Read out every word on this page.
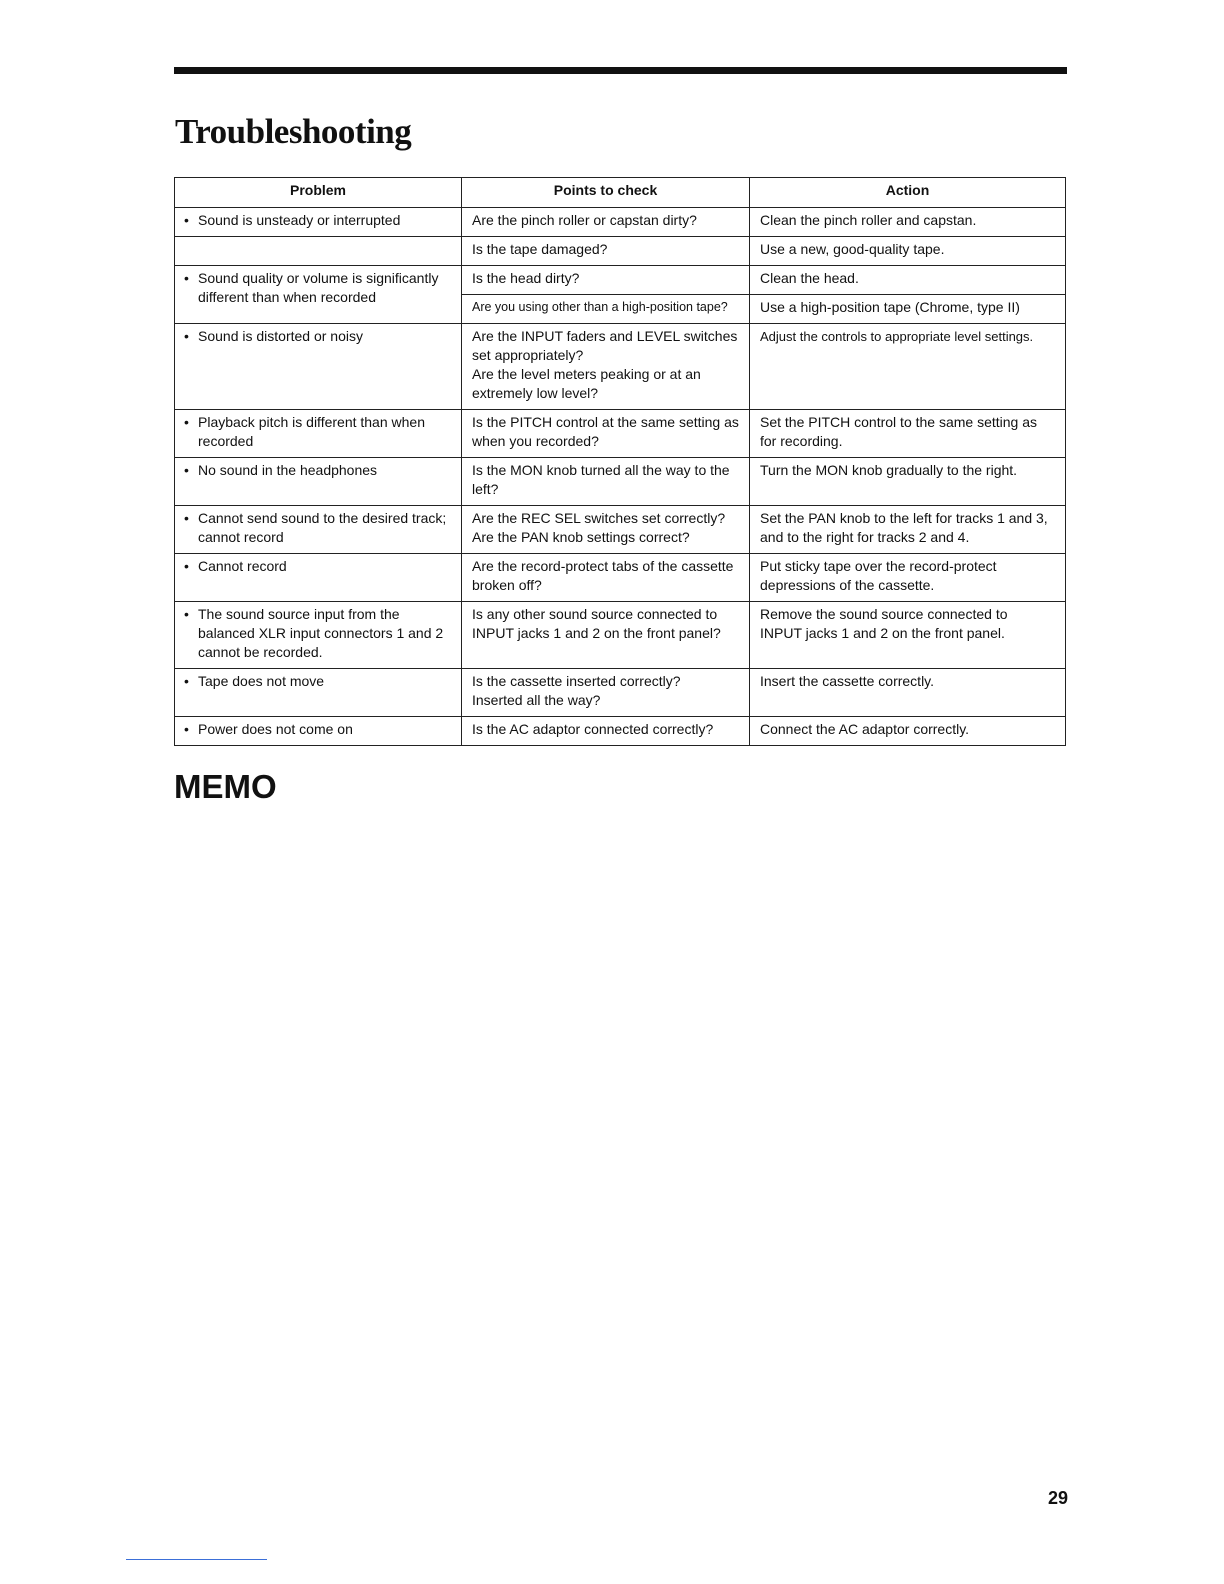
Troubleshooting
Problem	Points to check	Action

• Sound is unsteady or interrupted	Are the pinch roller or capstan dirty?	Clean the pinch roller and capstan.

	Is the tape damaged?	Use a new, good-quality tape.

• Sound quality or volume is significantly
different than when recorded	Is the head dirty?	Clean the head.

	Are you using other than a high-position tape?	Use a high-position tape (Chrome, type II)

• Sound is distorted or noisy	Are the INPUT faders and LEVEL switches
set appropriately?
Are the level meters peaking or at an
extremely low level?	Adjust the controls to appropriate level settings.

• Playback pitch is different than when
recorded	Is the PITCH control at the same setting as
when you recorded?	Set the PITCH control to the same setting as
for recording.

• No sound in the headphones	Is the MON knob turned all the way to the
left?	Turn the MON knob gradually to the right.

• Cannot send sound to the desired track;
cannot record	Are the REC SEL switches set correctly?
Are the PAN knob settings correct?	Set the PAN knob to the left for tracks 1 and 3,
and to the right for tracks 2 and 4.

• Cannot record	Are the record-protect tabs of the cassette
broken off?	Put sticky tape over the record-protect
depressions of the cassette.

• The sound source input from the
balanced XLR input connectors 1 and 2
cannot be recorded.	Is any other sound source connected to
INPUT jacks 1 and 2 on the front panel?	Remove the sound source connected to
INPUT jacks 1 and 2 on the front panel.

• Tape does not move	Is the cassette inserted correctly?
Inserted all the way?	Insert the cassette correctly.

• Power does not come on	Is the AC adaptor connected correctly?	Connect the AC adaptor correctly.
MEMO
29
